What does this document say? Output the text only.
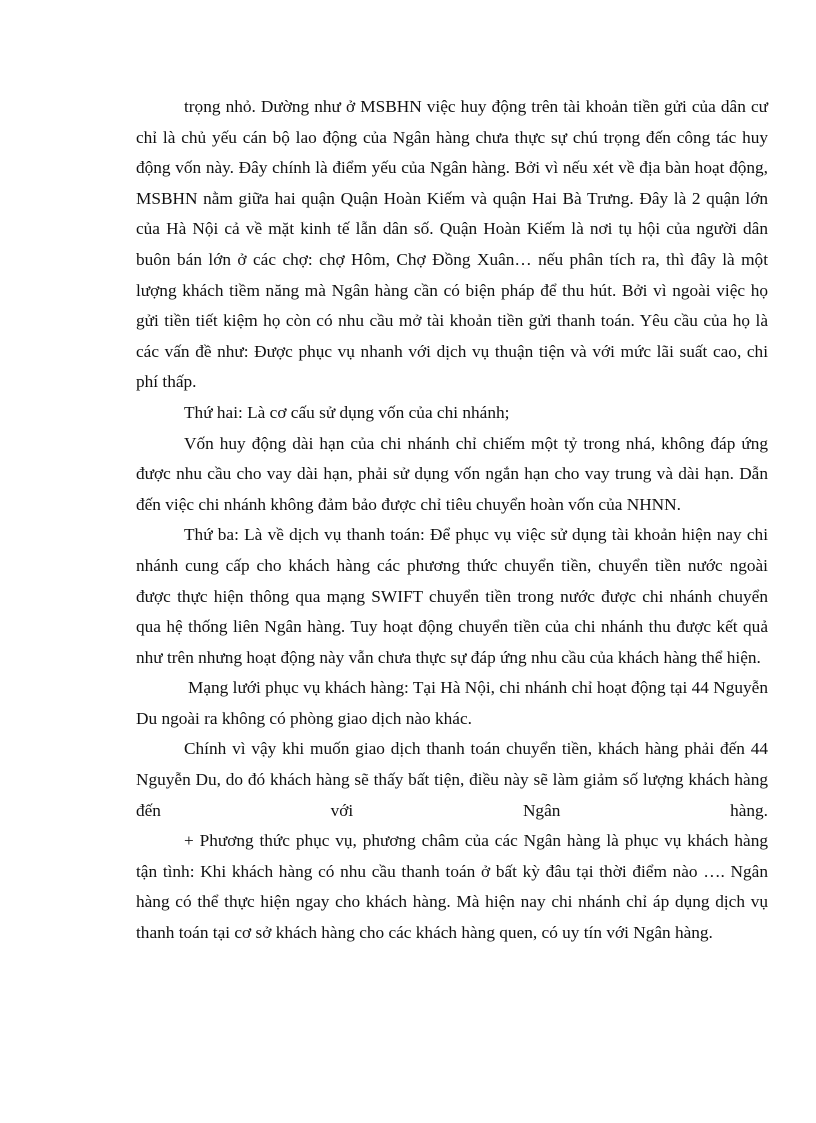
trọng nhỏ. Dường như ở MSBHN việc huy động trên tài khoản tiền gửi của dân cư chỉ là chủ yếu cán bộ lao động của Ngân hàng chưa thực sự chú trọng đến công tác huy động vốn này. Đây chính là điểm yếu của Ngân hàng. Bởi vì nếu xét về địa bàn hoạt động, MSBHN nằm giữa hai quận Quận Hoàn Kiếm và quận Hai Bà Trưng. Đây là 2 quận lớn của Hà Nội cả về mặt kinh tế lẫn dân số. Quận Hoàn Kiếm là nơi tụ hội của người dân buôn bán lớn ở các chợ: chợ Hôm, Chợ Đồng Xuân… nếu phân tích ra, thì đây là một lượng khách tiềm năng mà Ngân hàng cần có biện pháp để thu hút. Bởi vì ngoài việc họ gửi tiền tiết kiệm họ còn có nhu cầu mở tài khoản tiền gửi thanh toán. Yêu cầu của họ là các vấn đề như: Được phục vụ nhanh với dịch vụ thuận tiện và với mức lãi suất cao, chi phí thấp.

Thứ hai: Là cơ cấu sử dụng vốn của chi nhánh;

Vốn huy động dài hạn của chi nhánh chỉ chiếm một tỷ trong nhá, không đáp ứng được nhu cầu cho vay dài hạn, phải sử dụng vốn ngắn hạn cho vay trung và dài hạn. Dẫn đến việc chi nhánh không đảm bảo được chỉ tiêu chuyển hoàn vốn của NHNN.

Thứ ba: Là về dịch vụ thanh toán: Để phục vụ việc sử dụng tài khoản hiện nay chi nhánh cung cấp cho khách hàng các phương thức chuyển tiền, chuyển tiền nước ngoài được thực hiện thông qua mạng SWIFT chuyển tiền trong nước được chi nhánh chuyển qua hệ thống liên Ngân hàng. Tuy hoạt động chuyển tiền của chi nhánh thu được kết quả như trên nhưng hoạt động này vẫn chưa thực sự đáp ứng nhu cầu của khách hàng thể hiện.

Mạng lưới phục vụ khách hàng: Tại Hà Nội, chi nhánh chỉ hoạt động tại 44 Nguyễn Du ngoài ra không có phòng giao dịch nào khác.

Chính vì vậy khi muốn giao dịch thanh toán chuyển tiền, khách hàng phải đến 44 Nguyễn Du, do đó khách hàng sẽ thấy bất tiện, điều này sẽ làm giảm số lượng khách hàng đến với Ngân hàng.

+ Phương thức phục vụ, phương châm của các Ngân hàng là phục vụ khách hàng tận tình: Khi khách hàng có nhu cầu thanh toán ở bất kỳ đâu tại thời điểm nào …. Ngân hàng có thể thực hiện ngay cho khách hàng. Mà hiện nay chi nhánh chỉ áp dụng dịch vụ thanh toán tại cơ sở khách hàng cho các khách hàng quen, có uy tín với Ngân hàng.
